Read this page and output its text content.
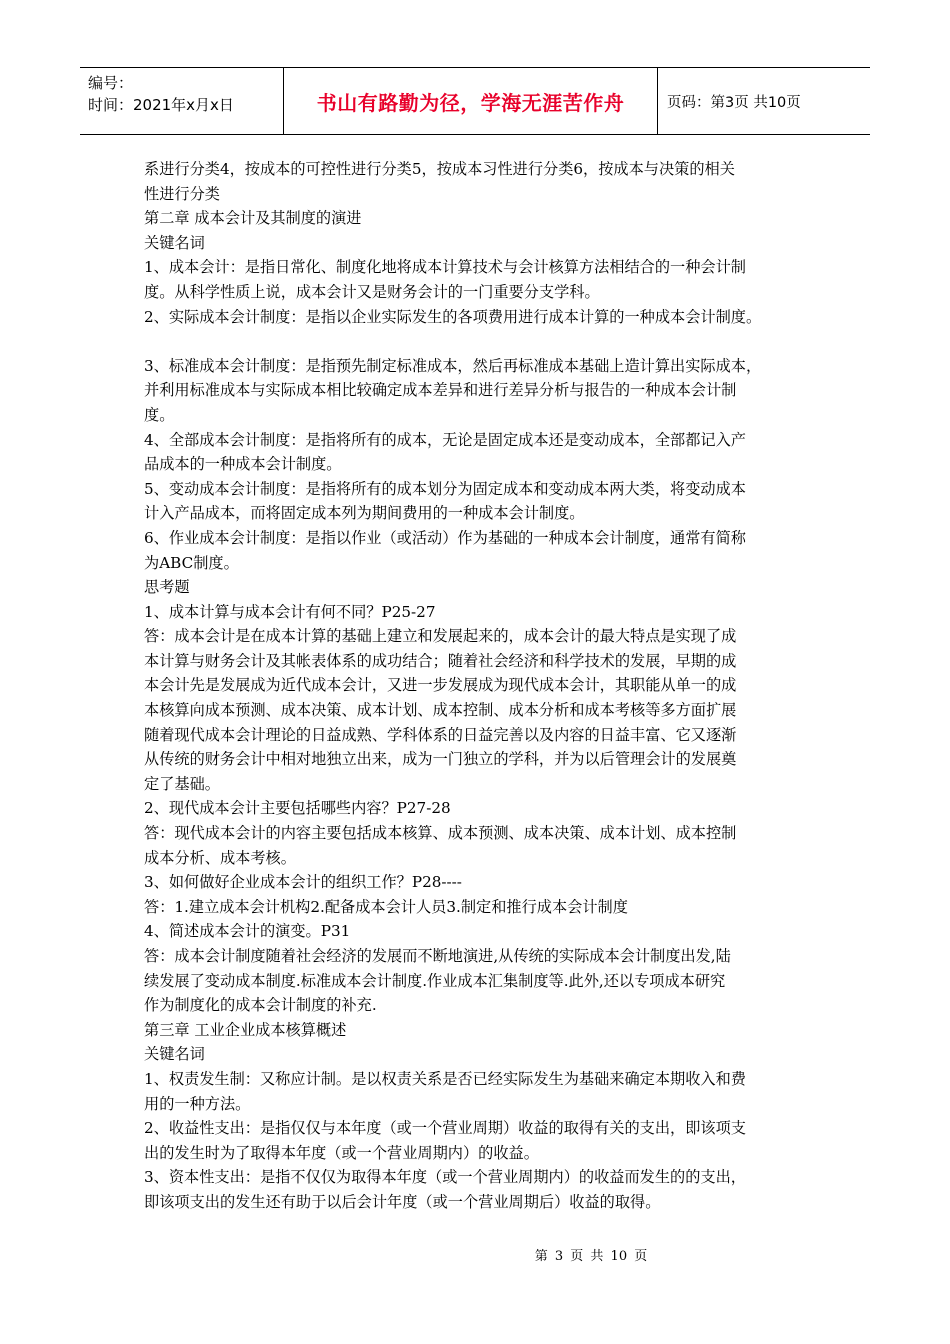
编号：
时间：2021年x月x日	书山有路勤为径，学海无涯苦作舟	页码：第3页 共10页
系进行分类4，按成本的可控性进行分类5，按成本习性进行分类6，按成本与决策的相关
性进行分类
第二章 成本会计及其制度的演进
关键名词
1、成本会计：是指日常化、制度化地将成本计算技术与会计核算方法相结合的一种会计制
度。从科学性质上说，成本会计又是财务会计的一门重要分支学科。
2、实际成本会计制度：是指以企业实际发生的各项费用进行成本计算的一种成本会计制度。
3、标准成本会计制度：是指预先制定标准成本，然后再标准成本基础上造计算出实际成本，
并利用标准成本与实际成本相比较确定成本差异和进行差异分析与报告的一种成本会计制
度。
4、全部成本会计制度：是指将所有的成本，无论是固定成本还是变动成本，全部都记入产
品成本的一种成本会计制度。
5、变动成本会计制度：是指将所有的成本划分为固定成本和变动成本两大类，将变动成本
计入产品成本，而将固定成本列为期间费用的一种成本会计制度。
6、作业成本会计制度：是指以作业（或活动）作为基础的一种成本会计制度，通常有简称
为ABC制度。
思考题
1、成本计算与成本会计有何不同？P25-27
答：成本会计是在成本计算的基础上建立和发展起来的，成本会计的最大特点是实现了成
本计算与财务会计及其帐表体系的成功结合；随着社会经济和科学技术的发展，早期的成
本会计先是发展成为近代成本会计，又进一步发展成为现代成本会计，其职能从单一的成
本核算向成本预测、成本决策、成本计划、成本控制、成本分析和成本考核等多方面扩展
随着现代成本会计理论的日益成熟、学科体系的日益完善以及内容的日益丰富、它又逐渐
从传统的财务会计中相对地独立出来，成为一门独立的学科，并为以后管理会计的发展奠
定了基础。
2、现代成本会计主要包括哪些内容？P27-28
答：现代成本会计的内容主要包括成本核算、成本预测、成本决策、成本计划、成本控制
成本分析、成本考核。
3、如何做好企业成本会计的组织工作？P28----
答：1.建立成本会计机构2.配备成本会计人员3.制定和推行成本会计制度
4、简述成本会计的演变。P31
答：成本会计制度随着社会经济的发展而不断地演进,从传统的实际成本会计制度出发,陆
续发展了变动成本制度.标准成本会计制度.作业成本汇集制度等.此外,还以专项成本研究
作为制度化的成本会计制度的补充.
第三章 工业企业成本核算概述
关键名词
1、权责发生制：又称应计制。是以权责关系是否已经实际发生为基础来确定本期收入和费
用的一种方法。
2、收益性支出：是指仅仅与本年度（或一个营业周期）收益的取得有关的支出，即该项支
出的发生时为了取得本年度（或一个营业周期内）的收益。
3、资本性支出：是指不仅仅为取得本年度（或一个营业周期内）的收益而发生的的支出，
即该项支出的发生还有助于以后会计年度（或一个营业周期后）收益的取得。
第 3 页 共 10 页
